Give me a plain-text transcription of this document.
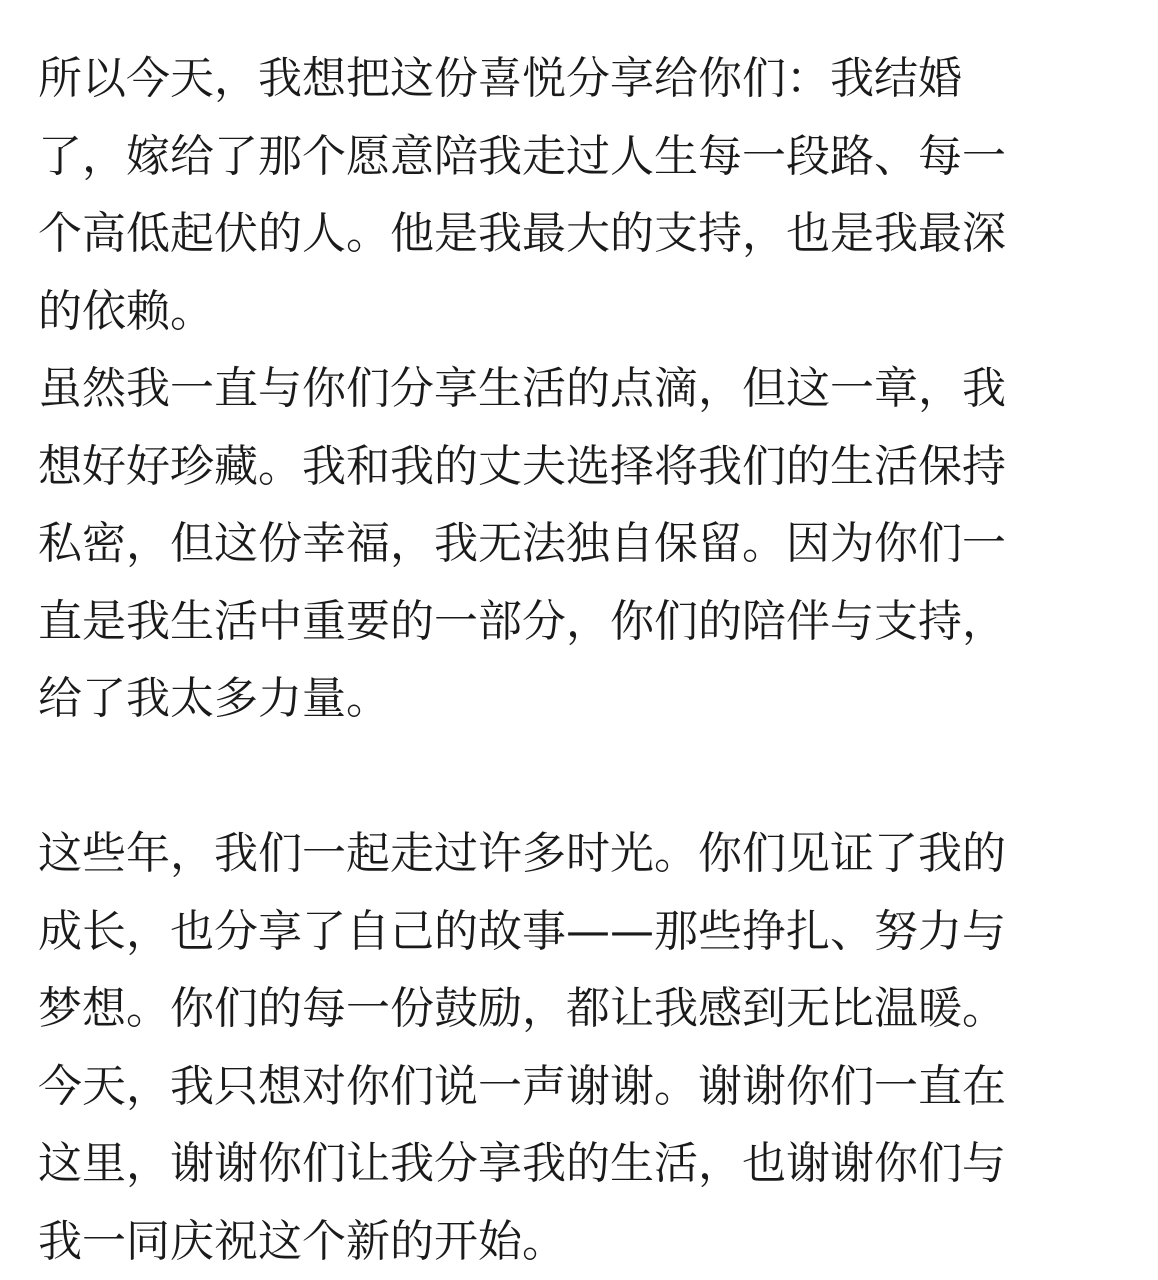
所以今天，我想把这份喜悦分享给你们：我结婚
了，嫁给了那个愿意陪我走过人生每一段路、每一
个高低起伏的人。他是我最大的支持，也是我最深
的依赖。
虽然我一直与你们分享生活的点滴，但这一章，我
想好好珍藏。我和我的丈夫选择将我们的生活保持
私密，但这份幸福，我无法独自保留。因为你们一
直是我生活中重要的一部分，你们的陪伴与支持，
给了我太多力量。
这些年，我们一起走过许多时光。你们见证了我的
成长，也分享了自己的故事——那些挣扎、努力与
梦想。你们的每一份鼓励，都让我感到无比温暖。
今天，我只想对你们说一声谢谢。谢谢你们一直在
这里，谢谢你们让我分享我的生活，也谢谢你们与
我一同庆祝这个新的开始。
